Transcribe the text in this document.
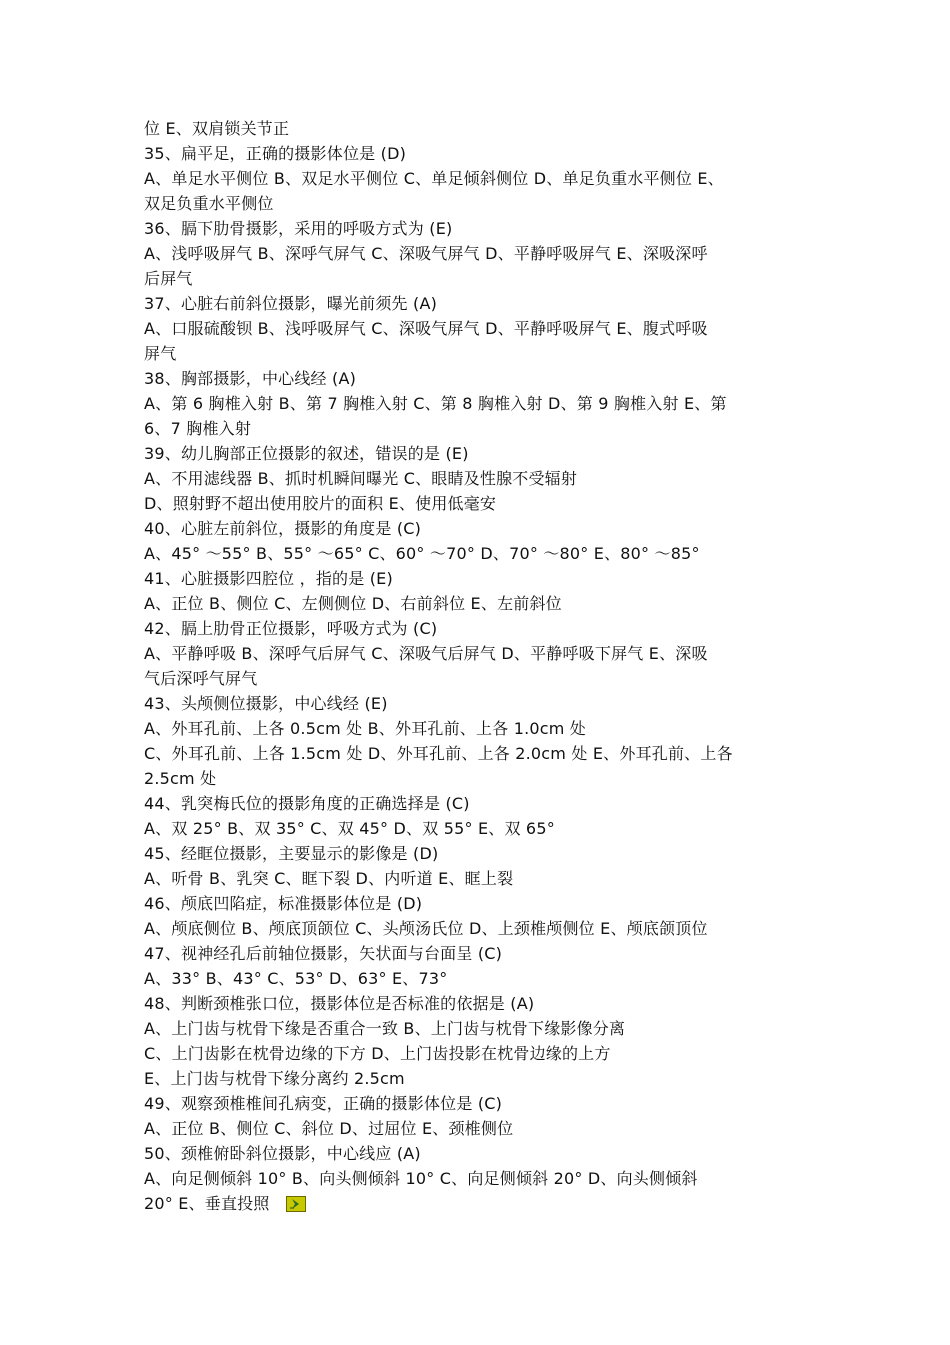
位 E、双肩锁关节正
35、扁平足，正确的摄影体位是 (D)
A、单足水平侧位 B、双足水平侧位 C、单足倾斜侧位 D、单足负重水平侧位 E、
双足负重水平侧位
36、膈下肋骨摄影，采用的呼吸方式为 (E)
A、浅呼吸屏气 B、深呼气屏气 C、深吸气屏气 D、平静呼吸屏气 E、深吸深呼
后屏气
37、心脏右前斜位摄影，曝光前须先 (A)
A、口服硫酸钡 B、浅呼吸屏气 C、深吸气屏气 D、平静呼吸屏气 E、腹式呼吸
屏气
38、胸部摄影，中心线经 (A)
A、第 6 胸椎入射 B、第 7 胸椎入射 C、第 8 胸椎入射 D、第 9 胸椎入射 E、第
6、7 胸椎入射
39、幼儿胸部正位摄影的叙述，错误的是 (E)
A、不用滤线器 B、抓时机瞬间曝光 C、眼睛及性腺不受辐射
D、照射野不超出使用胶片的面积 E、使用低毫安
40、心脏左前斜位，摄影的角度是 (C)
A、45° ～55° B、55° ～65° C、60° ～70° D、70° ～80° E、80° ～85°
41、心脏摄影四腔位 ，指的是 (E)
A、正位 B、侧位 C、左侧侧位 D、右前斜位 E、左前斜位
42、膈上肋骨正位摄影，呼吸方式为 (C)
A、平静呼吸 B、深呼气后屏气 C、深吸气后屏气 D、平静呼吸下屏气 E、深吸
气后深呼气屏气
43、头颅侧位摄影，中心线经 (E)
A、外耳孔前、上各 0.5cm 处 B、外耳孔前、上各 1.0cm 处
C、外耳孔前、上各 1.5cm 处 D、外耳孔前、上各 2.0cm 处 E、外耳孔前、上各
2.5cm 处
44、乳突梅氏位的摄影角度的正确选择是 (C)
A、双 25° B、双 35° C、双 45° D、双 55° E、双 65°
45、经眶位摄影，主要显示的影像是 (D)
A、听骨 B、乳突 C、眶下裂 D、内听道 E、眶上裂
46、颅底凹陷症，标准摄影体位是 (D)
A、颅底侧位 B、颅底顶颌位 C、头颅汤氏位 D、上颈椎颅侧位 E、颅底颌顶位
47、视神经孔后前轴位摄影，矢状面与台面呈 (C)
A、33° B、43° C、53° D、63° E、73°
48、判断颈椎张口位，摄影体位是否标准的依据是 (A)
A、上门齿与枕骨下缘是否重合一致 B、上门齿与枕骨下缘影像分离
C、上门齿影在枕骨边缘的下方 D、上门齿投影在枕骨边缘的上方
E、上门齿与枕骨下缘分离约 2.5cm
49、观察颈椎椎间孔病变，正确的摄影体位是 (C)
A、正位 B、侧位 C、斜位 D、过屈位 E、颈椎侧位
50、颈椎俯卧斜位摄影，中心线应 (A)
A、向足侧倾斜 10° B、向头侧倾斜 10° C、向足侧倾斜 20° D、向头侧倾斜
20° E、垂直投照
